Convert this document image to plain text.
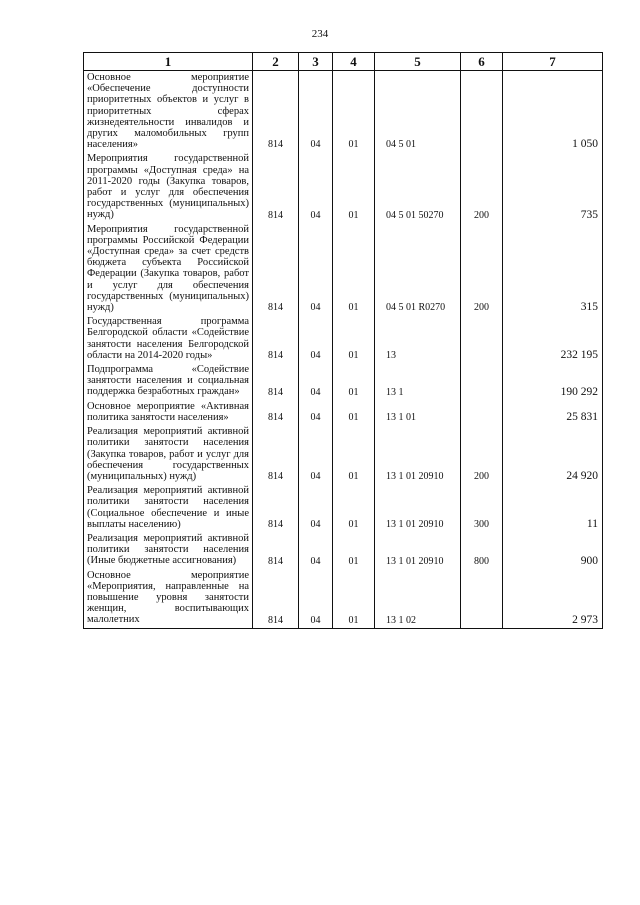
234
1	2	3	4	5	6	7
Основное мероприятие «Обеспечение доступности приоритетных объектов и услуг в приоритетных сферах жизнедеятельности инвалидов и других маломобильных групп населения»	814	04	01	04 5 01		1 050
Мероприятия государственной программы «Доступная среда» на 2011-2020 годы (Закупка товаров, работ и услуг для обеспечения государственных (муниципальных) нужд)	814	04	01	04 5 01 50270	200	735
Мероприятия государственной программы Российской Федерации «Доступная среда» за счет средств бюджета субъекта Российской Федерации (Закупка товаров, работ и услуг для обеспечения государственных (муниципальных) нужд)	814	04	01	04 5 01 R0270	200	315
Государственная программа Белгородской области «Содействие занятости населения Белгородской области на 2014-2020 годы»	814	04	01	13		232 195
Подпрограмма «Содействие занятости населения и социальная поддержка безработных граждан»	814	04	01	13 1		190 292
Основное мероприятие «Активная политика занятости населения»	814	04	01	13 1 01		25 831
Реализация мероприятий активной политики занятости населения (Закупка товаров, работ и услуг для обеспечения государственных (муниципальных) нужд)	814	04	01	13 1 01 20910	200	24 920
Реализация мероприятий активной политики занятости населения (Социальное обеспечение и иные выплаты населению)	814	04	01	13 1 01 20910	300	11
Реализация мероприятий активной политики занятости населения (Иные бюджетные ассигнования)	814	04	01	13 1 01 20910	800	900
Основное мероприятие «Мероприятия, направленные на повышение уровня занятости женщин, воспитывающих малолетних	814	04	01	13 1 02		2 973
